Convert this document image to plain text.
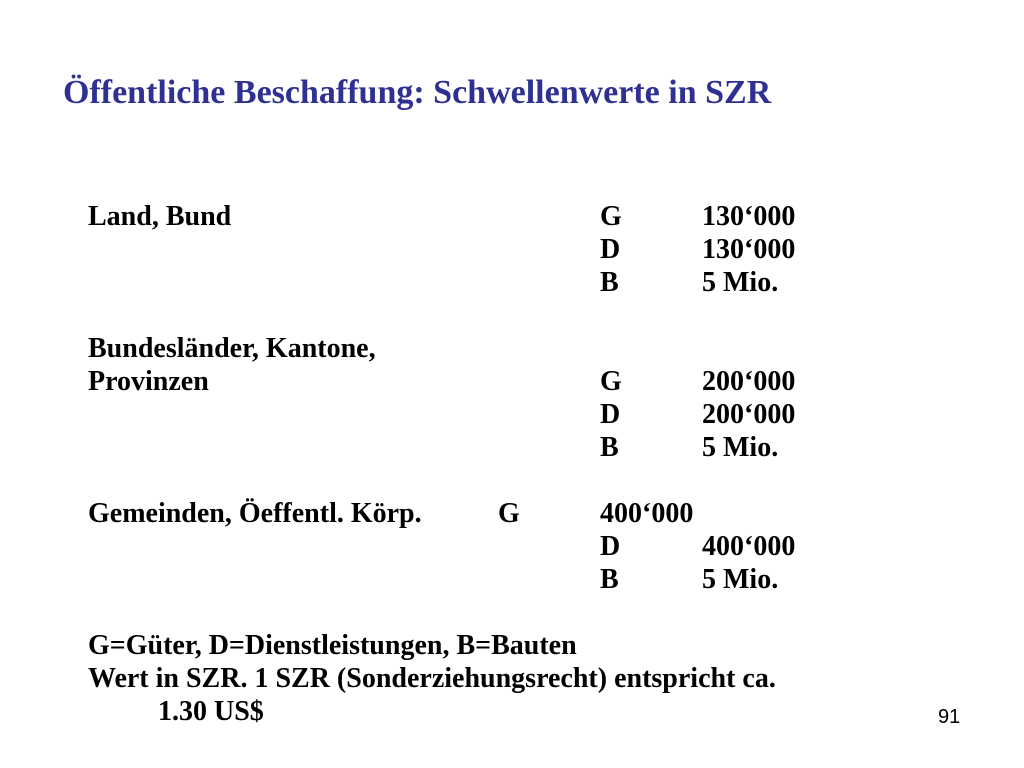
Öffentliche Beschaffung: Schwellenwerte in SZR
Land, Bund	G	130‘000
D	130‘000
B	5 Mio.
Bundesländer, Kantone,
Provinzen	G	200‘000
D	200‘000
B	5 Mio.
Gemeinden, Öeffentl. Körp.	G	400‘000
D	400‘000
B	5 Mio.
G=Güter, D=Dienstleistungen, B=Bauten
Wert in SZR. 1 SZR (Sonderziehungsrecht) entspricht ca.
1.30 US$	91
